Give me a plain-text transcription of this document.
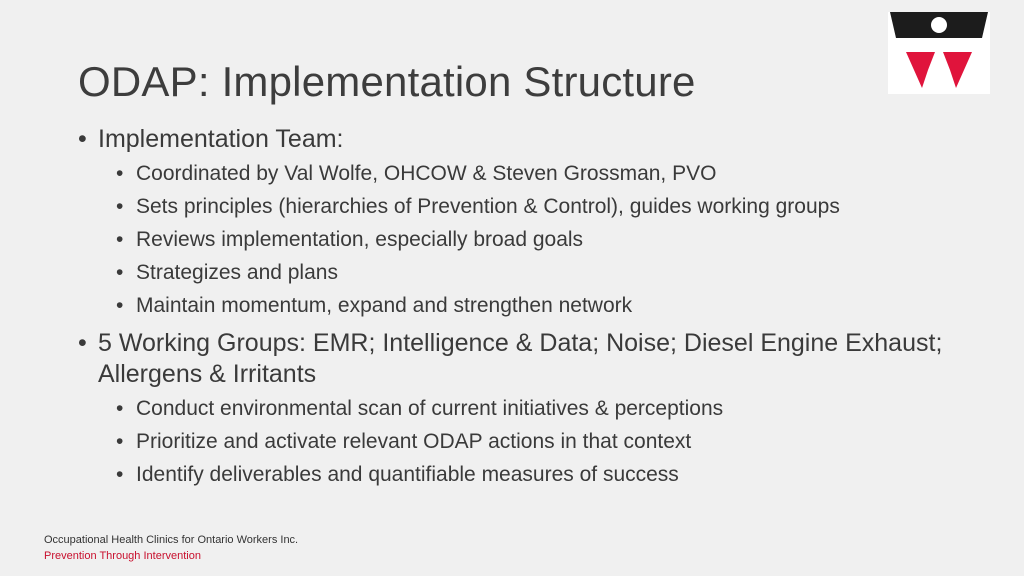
ODAP: Implementation Structure
• Implementation Team:
• Coordinated by Val Wolfe, OHCOW & Steven Grossman, PVO
• Sets principles (hierarchies of Prevention & Control), guides working groups
• Reviews implementation, especially broad goals
• Strategizes and plans
• Maintain momentum, expand and strengthen network
• 5 Working Groups: EMR; Intelligence & Data; Noise; Diesel Engine Exhaust; Allergens & Irritants
• Conduct environmental scan of current initiatives & perceptions
• Prioritize and activate relevant ODAP actions in that context
• Identify deliverables and quantifiable measures of success
Occupational Health Clinics for Ontario Workers Inc.
Prevention Through Intervention
